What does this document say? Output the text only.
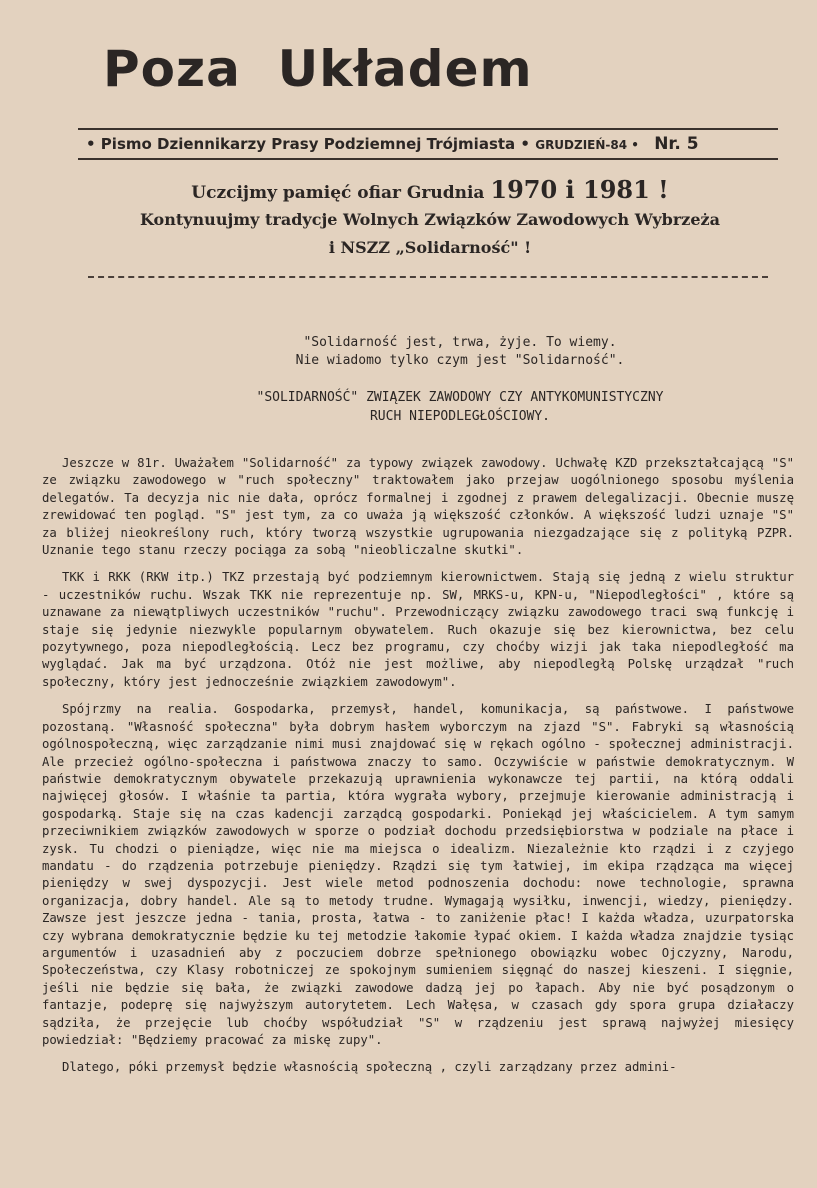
Poza  Układem
• Pismo Dziennikarzy Prasy Podziemnej Trójmiasta • GRUDZIEŃ-84 • Nr. 5
Uczcijmy pamięć ofiar Grudnia 1970 i 1981 !
Kontynuujmy tradycje Wolnych Związków Zawodowych Wybrzeża
i NSZZ „Solidarność" !
"Solidarność jest, trwa, żyje. To wiemy.
Nie wiadomo tylko czym jest "Solidarność".
"SOLIDARNOŚĆ" ZWIĄZEK ZAWODOWY CZY ANTYKOMUNISTYCZNY
RUCH NIEPODLEGŁOŚCIOWY.

Jeszcze w 81r. Uważałem "Solidarność" za typowy związek zawodowy. Uchwałę KZD przekształcającą "S" ze związku zawodowego w "ruch społeczny" traktowałem jako przejaw uogólnionego sposobu myślenia delegatów. Ta decyzja nic nie dała, oprócz formalnej i zgodnej z prawem delegalizacji. Obecnie muszę zrewidować ten pogląd. "S" jest tym, za co uważa ją większość członków. A większość ludzi uznaje "S" za bliżej nieokreślony ruch, który tworzą wszystkie ugrupowania niezgadzające się z polityką PZPR. Uznanie tego stanu rzeczy pociąga za sobą "nieobliczalne skutki".

TKK i RKK (RKW itp.) TKZ przestają być podziemnym kierownictwem. Stają się jedną z wielu struktur - uczestników ruchu. Wszak TKK nie reprezentuje np. SW, MRKS-u, KPN-u, "Niepodległości" , które są uznawane za niewątpliwych uczestników "ruchu". Przewodniczący związku zawodowego traci swą funkcję i staje się jedynie niezwykle popularnym obywatelem. Ruch okazuje się bez kierownictwa, bez celu pozytywnego, poza niepodległością. Lecz bez programu, czy choćby wizji jak taka niepodległość ma wyglądać. Jak ma być urządzona. Otóż nie jest możliwe, aby niepodległą Polskę urządzał "ruch społeczny, który jest jednocześnie związkiem zawodowym".

Spójrzmy na realia. Gospodarka, przemysł, handel, komunikacja, są państwowe. I państwowe pozostaną. "Własność społeczna" była dobrym hasłem wyborczym na zjazd "S". Fabryki są własnością ogólnospołeczną, więc zarządzanie nimi musi znajdować się w rękach ogólno - społecznej administracji. Ale przecież ogólno-społeczna i państwowa znaczy to samo. Oczywiście w państwie demokratycznym. W państwie demokratycznym obywatele przekazują uprawnienia wykonawcze tej partii, na którą oddali najwięcej głosów. I właśnie ta partia, która wygrała wybory, przejmuje kierowanie administracją i gospodarką. Staje się na czas kadencji zarządcą gospodarki. Poniekąd jej właścicielem. A tym samym przeciwnikiem związków zawodowych w sporze o podział dochodu przedsiębiorstwa w podziale na płace i zysk. Tu chodzi o pieniądze, więc nie ma miejsca o idealizm. Niezależnie kto rządzi i z czyjego mandatu - do rządzenia potrzebuje pieniędzy. Rządzi się tym łatwiej, im ekipa rządząca ma więcej pieniędzy w swej dyspozycji. Jest wiele metod podnoszenia dochodu: nowe technologie, sprawna organizacja, dobry handel. Ale są to metody trudne. Wymagają wysiłku, inwencji, wiedzy, pieniędzy. Zawsze jest jeszcze jedna - tania, prosta, łatwa - to zaniżenie płac! I każda władza, uzurpatorska czy wybrana demokratycznie będzie ku tej metodzie łakomie łypać okiem. I każda władza znajdzie tysiąc argumentów i uzasadnień aby z poczuciem dobrze spełnionego obowiązku wobec Ojczyzny, Narodu, Społeczeństwa, czy Klasy robotniczej ze spokojnym sumieniem sięgnąć do naszej kieszeni. I sięgnie, jeśli nie będzie się bała, że związki zawodowe dadzą jej po łapach. Aby nie być posądzonym o fantazje, podeprę się najwyższym autorytetem. Lech Wałęsa, w czasach gdy spora grupa działaczy sądziła, że przejęcie lub choćby współudział "S" w rządzeniu jest sprawą najwyżej miesięcy powiedział: "Będziemy pracować za miskę zupy".

Dlatego, póki przemysł będzie własnością społeczną , czyli zarządzany przez admini-
